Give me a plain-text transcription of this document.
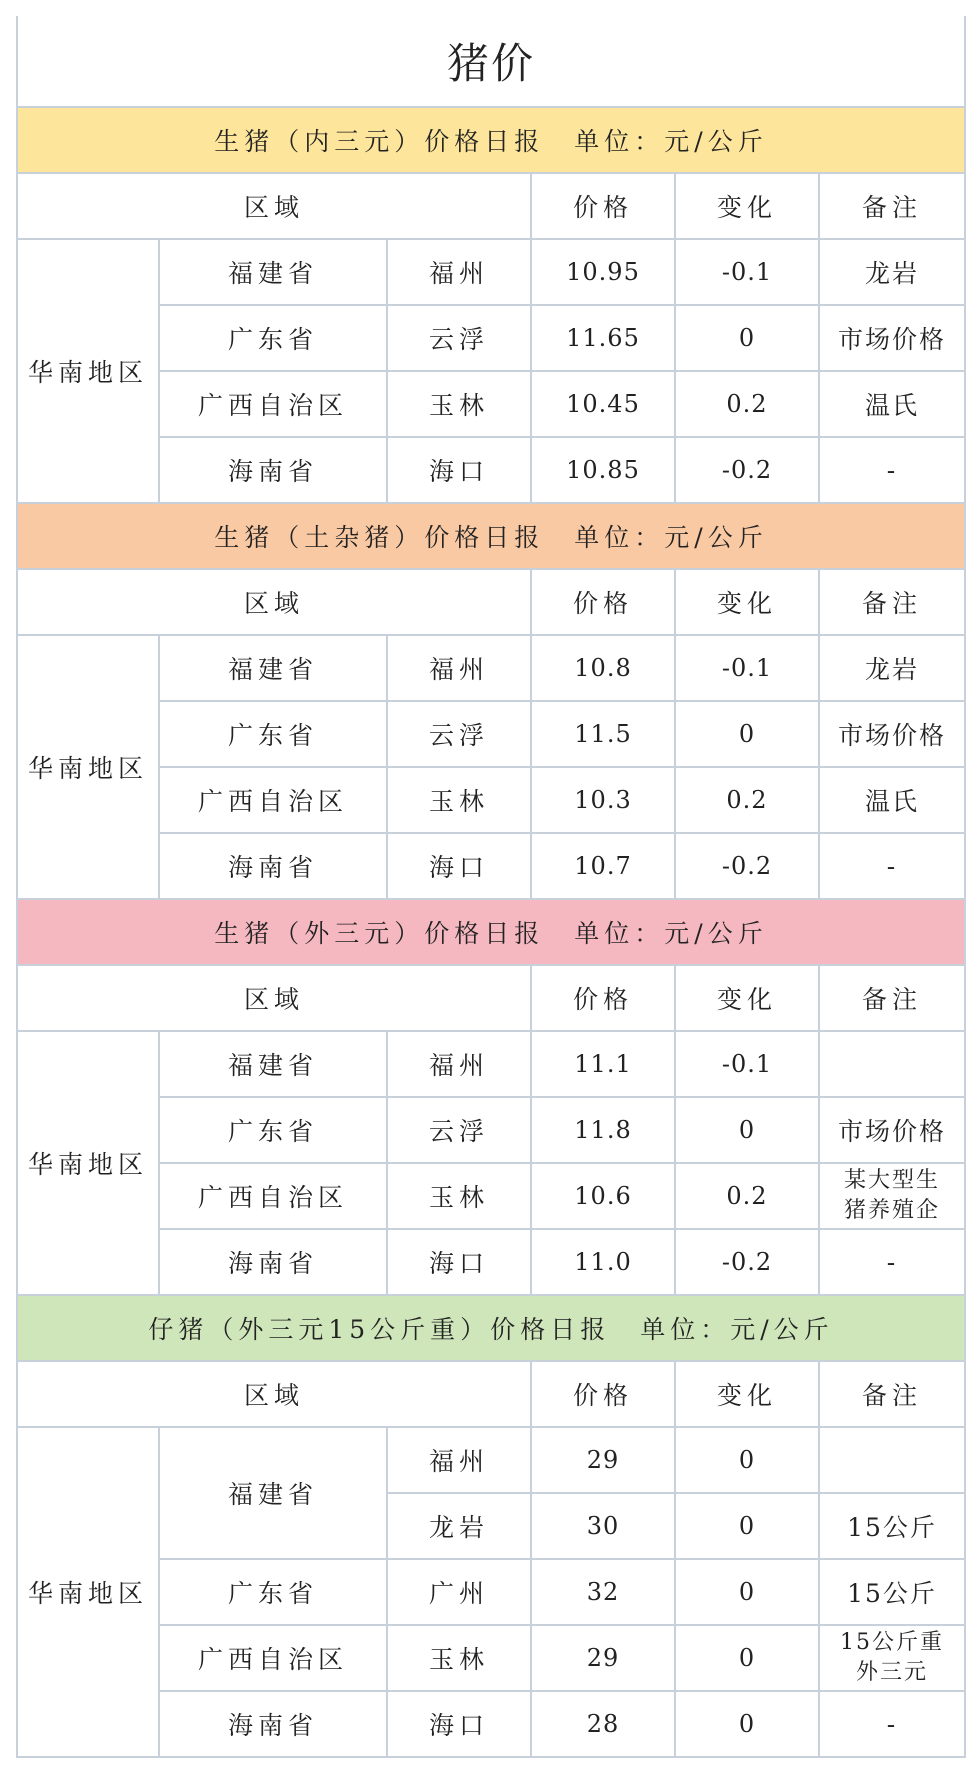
猪价					
生猪（内三元）价格日报　单位：元/公斤					
区域			价格	变化	备注
华南地区	福建省	福州	10.95	-0.1	龙岩
	广东省	云浮	11.65	0	市场价格
	广西自治区	玉林	10.45	0.2	温氏
	海南省	海口	10.85	-0.2	-
生猪（土杂猪）价格日报　单位：元/公斤					
区域			价格	变化	备注
华南地区	福建省	福州	10.8	-0.1	龙岩
	广东省	云浮	11.5	0	市场价格
	广西自治区	玉林	10.3	0.2	温氏
	海南省	海口	10.7	-0.2	-
生猪（外三元）价格日报　单位：元/公斤					
区域			价格	变化	备注
华南地区	福建省	福州	11.1	-0.1	
	广东省	云浮	11.8	0	市场价格
	广西自治区	玉林	10.6	0.2	某大型生
猪养殖企

	海南省	海口	11.0	-0.2	-
仔猪（外三元15公斤重）价格日报　单位：元/公斤					
区域			价格	变化	备注
华南地区	福建省	福州	29	0	
		龙岩	30	0	15公斤
	广东省	广州	32	0	15公斤
	广西自治区	玉林	29	0	15公斤重
外三元

	海南省	海口	28	0	-
